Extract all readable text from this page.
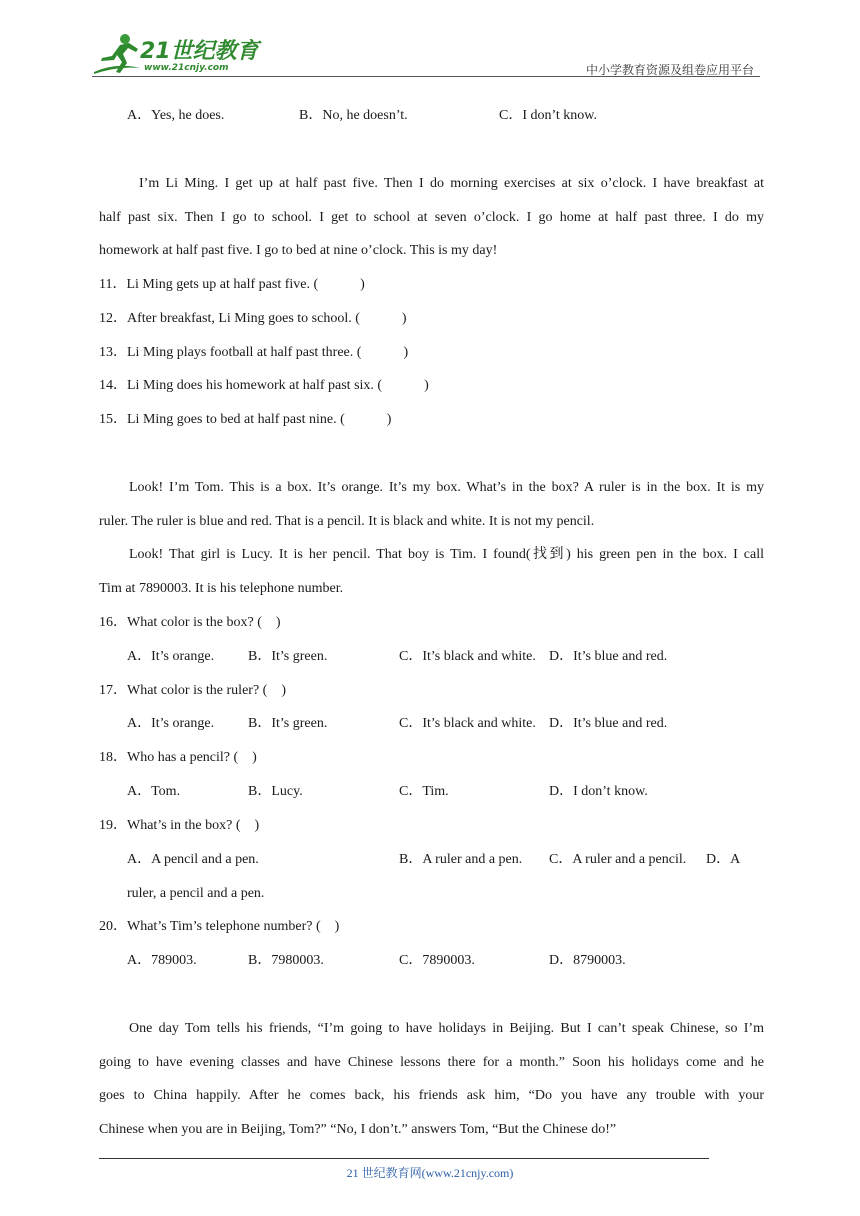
21世纪教育
www.21cnjy.com	中小学教育资源及组卷应用平台
A．Yes, he does.	B．No, he doesn’t.	C．I don’t know.
I’m Li Ming. I get up at half past five. Then I do morning exercises at six o’clock. I have breakfast at
half past six. Then I go to school. I get to school at seven o’clock. I go home at half past three. I do my
homework at half past five. I go to bed at nine o’clock. This is my day!
11．Li Ming gets up at half past five. (　　　)
12．After breakfast, Li Ming goes to school. (　　　)
13．Li Ming plays football at half past three. (　　　)
14．Li Ming does his homework at half past six. (　　　)
15．Li Ming goes to bed at half past nine. (　　　)
Look! I’m Tom. This is a box. It’s orange. It’s my box. What’s in the box? A ruler is in the box. It is my
ruler. The ruler is blue and red. That is a pencil. It is black and white. It is not my pencil.
Look! That girl is Lucy. It is her pencil. That boy is Tim. I found(找到) his green pen in the box. I call
Tim at 7890003. It is his telephone number.
16．What color is the box? (　)
A．It’s orange. B．It’s green.	C．It’s black and white. D．It’s blue and red.
17．What color is the ruler? (　)
A．It’s orange. B．It’s green.	C．It’s black and white. D．It’s blue and red.
18．Who has a pencil? (　)
A．Tom.	B．Lucy.	C．Tim.	D．I don’t know.
19．What’s in the box? (　)
A．A pencil and a pen.	B．A ruler and a pen. C．A ruler and a pencil. D．A
ruler, a pencil and a pen.
20．What’s Tim’s telephone number? (　)
A．789003.	B．7980003.	C．7890003.	D．8790003.
One day Tom tells his friends, “I’m going to have holidays in Beijing. But I can’t speak Chinese, so I’m
going to have evening classes and have Chinese lessons there for a month.” Soon his holidays come and he
goes to China happily. After he comes back, his friends ask him, “Do you have any trouble with your
Chinese when you are in Beijing, Tom?” “No, I don’t.” answers Tom, “But the Chinese do!”
21 世纪教育网(www.21cnjy.com)
